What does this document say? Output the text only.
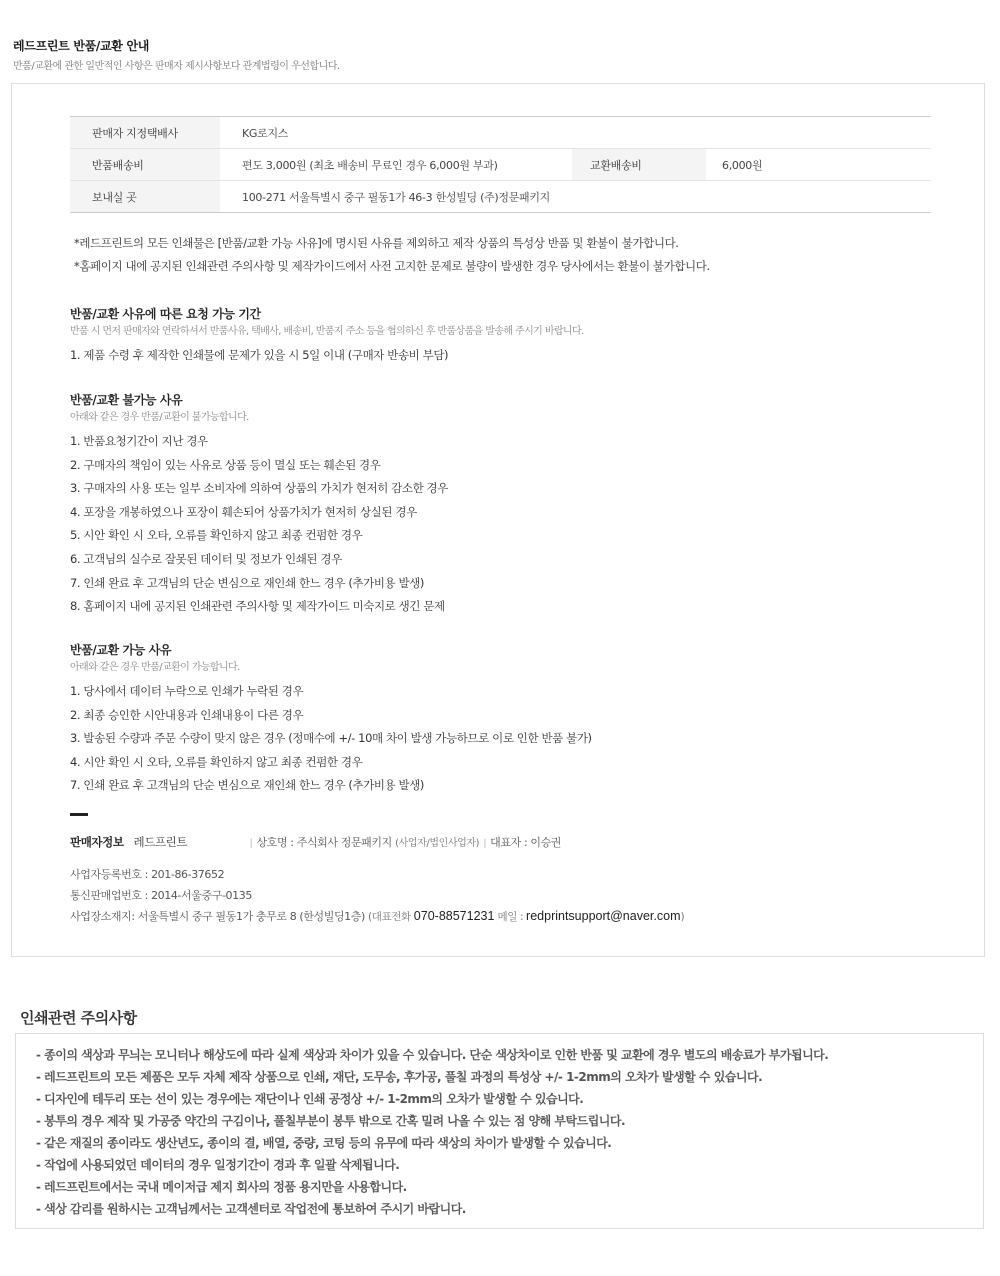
레드프린트 반품/교환 안내
반품/교환에 관한 일반적인 사항은 판매자 제시사항보다 관계법령이 우선합니다.
판매자 지정택배사	KG로지스		
반품배송비	편도 3,000원 (최초 배송비 무료인 경우 6,000원 부과)	교환배송비	6,000원
보내실 곳	100-271 서울특별시 중구 필동1가 46-3 한성빌딩 (주)정문패키지		
*레드프린트의 모든 인쇄물은 [반품/교환 가능 사유]에 명시된 사유를 제외하고 제작 상품의 특성상 반품 및 환불이 불가합니다.
*홈페이지 내에 공지된 인쇄관련 주의사항 및 제작가이드에서 사전 고지한 문제로 불량이 발생한 경우 당사에서는 환불이 불가합니다.
반품/교환 사유에 따른 요청 가능 기간
반품 시 먼저 판매자와 연락하셔서 반품사유, 택배사, 배송비, 반품지 주소 등을 협의하신 후 반품상품을 발송해 주시기 바랍니다.
1. 제품 수령 후 제작한 인쇄물에 문제가 있을 시 5일 이내 (구매자 반송비 부담)
반품/교환 불가능 사유
아래와 같은 경우 반품/교환이 불가능합니다.
1. 반품요청기간이 지난 경우
2. 구매자의 책임이 있는 사유로 상품 등이 멸실 또는 훼손된 경우
3. 구매자의 사용 또는 일부 소비자에 의하여 상품의 가치가 현저히 감소한 경우
4. 포장을 개봉하였으나 포장이 훼손되어 상품가치가 현저히 상실된 경우
5. 시안 확인 시 오타, 오류를 확인하지 않고 최종 컨펌한 경우
6. 고객님의 실수로 잘못된 데이터 및 정보가 인쇄된 경우
7. 인쇄 완료 후 고객님의 단순 변심으로 재인쇄 한느 경우 (추가비용 발생)
8. 홈페이지 내에 공지된 인쇄관련 주의사항 및 제작가이드 미숙지로 생긴 문제
반품/교환 가능 사유
아래와 같은 경우 반품/교환이 가능합니다.
1. 당사에서 데이터 누락으로 인쇄가 누락된 경우
2. 최종 승인한 시안내용과 인쇄내용이 다른 경우
3. 발송된 수량과 주문 수량이 맞지 않은 경우 (정매수에 +/- 10매 차이 발생 가능하므로 이로 인한 반품 불가)
4. 시안 확인 시 오타, 오류를 확인하지 않고 최종 컨펌한 경우
7. 인쇄 완료 후 고객님의 단순 변심으로 재인쇄 한느 경우 (추가비용 발생)
판매자정보 레드프린트	| 상호명 : 주식회사 정문패키지 (사업자/법인사업자) | 대표자 : 이승권
사업자등록번호 : 201-86-37652
통신판매업번호 : 2014-서울중구-0135
사업장소재지: 서울특별시 중구 필동1가 충무로 8 (한성빌딩1층) (대표전화 070-88571231 메일 : redprintsupport@naver.com)
인쇄관련 주의사항
- 종이의 색상과 무늬는 모니터나 해상도에 따라 실제 색상과 차이가 있을 수 있습니다. 단순 색상차이로 인한 반품 및 교환에 경우 별도의 배송료가 부가됩니다.
- 레드프린트의 모든 제품은 모두 자체 제작 상품으로 인쇄, 재단, 도무송, 후가공, 풀칠 과정의 특성상 +/- 1-2mm의 오차가 발생할 수 있습니다.
- 디자인에 테두리 또는 선이 있는 경우에는 재단이나 인쇄 공정상 +/- 1-2mm의 오차가 발생할 수 있습니다.
- 봉투의 경우 제작 및 가공중 약간의 구김이나, 풀칠부분이 봉투 밖으로 간혹 밀려 나올 수 있는 점 양해 부탁드립니다.
- 같은 재질의 종이라도 생산년도, 종이의 결, 배열, 중량, 코팅 등의 유무에 따라 색상의 차이가 발생할 수 있습니다.
- 작업에 사용되었던 데이터의 경우 일정기간이 경과 후 일괄 삭제됩니다.
- 레드프린트에서는 국내 메이저급 제지 회사의 정품 용지만을 사용합니다.
- 색상 감리를 원하시는 고객님께서는 고객센터로 작업전에 통보하여 주시기 바랍니다.
